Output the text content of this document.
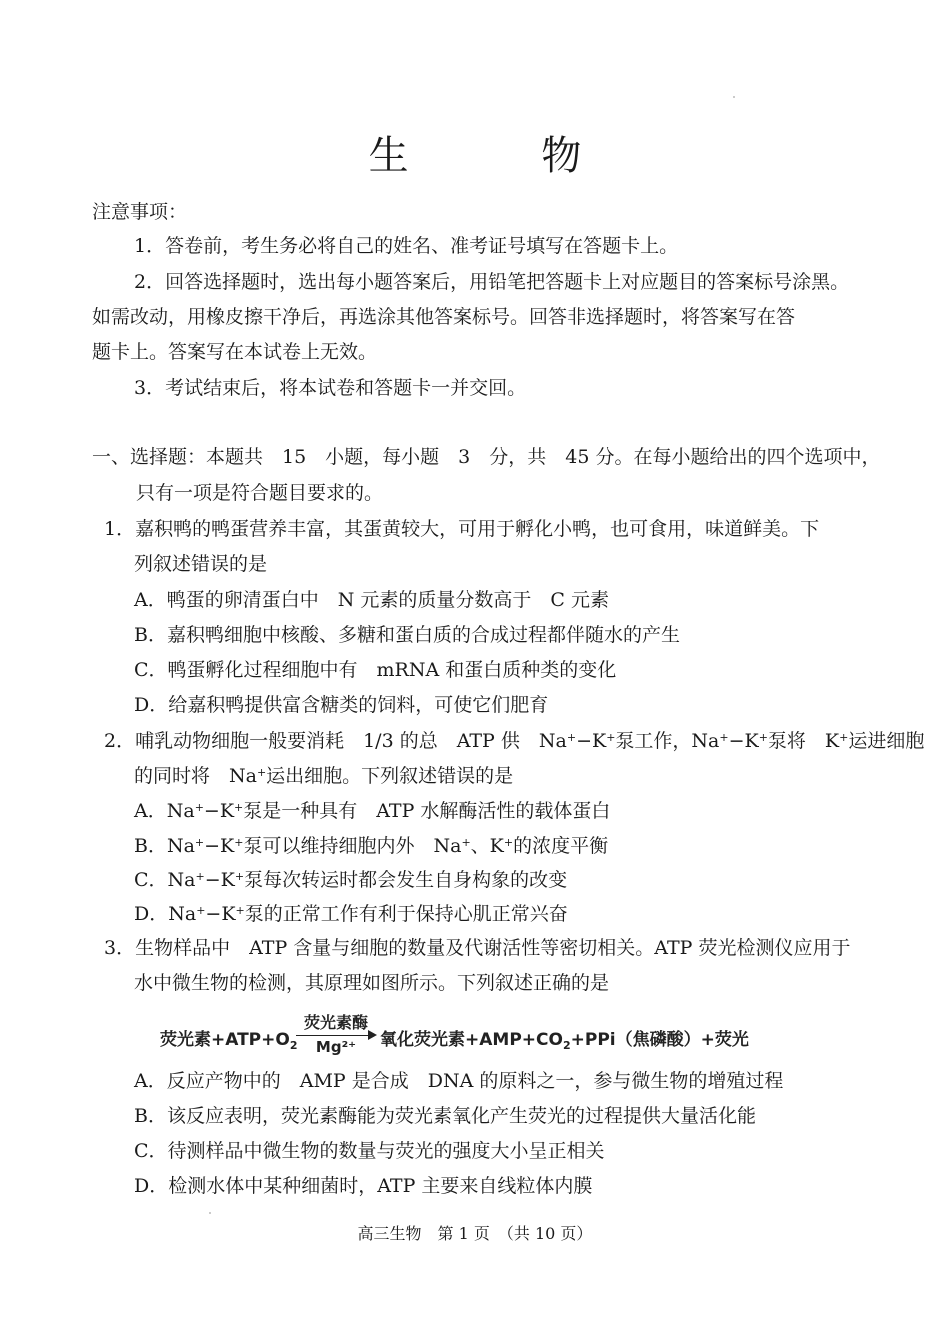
生 物
注意事项：
1．答卷前，考生务必将自己的姓名、准考证号填写在答题卡上。
2．回答选择题时，选出每小题答案后，用铅笔把答题卡上对应题目的答案标号涂黑。
如需改动，用橡皮擦干净后，再选涂其他答案标号。回答非选择题时，将答案写在答
题卡上。答案写在本试卷上无效。
3．考试结束后，将本试卷和答题卡一并交回。
一、选择题：本题共　15　小题，每小题　3　分，共　45 分。在每小题给出的四个选项中，
只有一项是符合题目要求的。
1．嘉积鸭的鸭蛋营养丰富，其蛋黄较大，可用于孵化小鸭，也可食用，味道鲜美。下
列叙述错误的是
A．鸭蛋的卵清蛋白中　N 元素的质量分数高于　C 元素
B．嘉积鸭细胞中核酸、多糖和蛋白质的合成过程都伴随水的产生
C．鸭蛋孵化过程细胞中有　mRNA 和蛋白质种类的变化
D．给嘉积鸭提供富含糖类的饲料，可使它们肥育
2．哺乳动物细胞一般要消耗　1/3 的总　ATP 供　Na+−K+泵工作，Na+−K+泵将　K+运进细胞
的同时将　Na+运出细胞。下列叙述错误的是
A．Na+−K+泵是一种具有　ATP 水解酶活性的载体蛋白
B．Na+−K+泵可以维持细胞内外　Na+、K+的浓度平衡
C．Na+−K+泵每次转运时都会发生自身构象的改变
D．Na+−K+泵的正常工作有利于保持心肌正常兴奋
3．生物样品中　ATP 含量与细胞的数量及代谢活性等密切相关。ATP 荧光检测仪应用于
水中微生物的检测，其原理如图所示。下列叙述正确的是
荧光素$+ATP+O_2$
荧光素酶
Mg²⁺	氧化荧光素$+AMP+CO_2+PPi$（焦磷酸）+荧光
A．反应产物中的　AMP 是合成　DNA 的原料之一，参与微生物的增殖过程
B．该反应表明，荧光素酶能为荧光素氧化产生荧光的过程提供大量活化能
C．待测样品中微生物的数量与荧光的强度大小呈正相关
D．检测水体中某种细菌时，ATP 主要来自线粒体内膜
高三生物　第 1 页　（共 10 页）
